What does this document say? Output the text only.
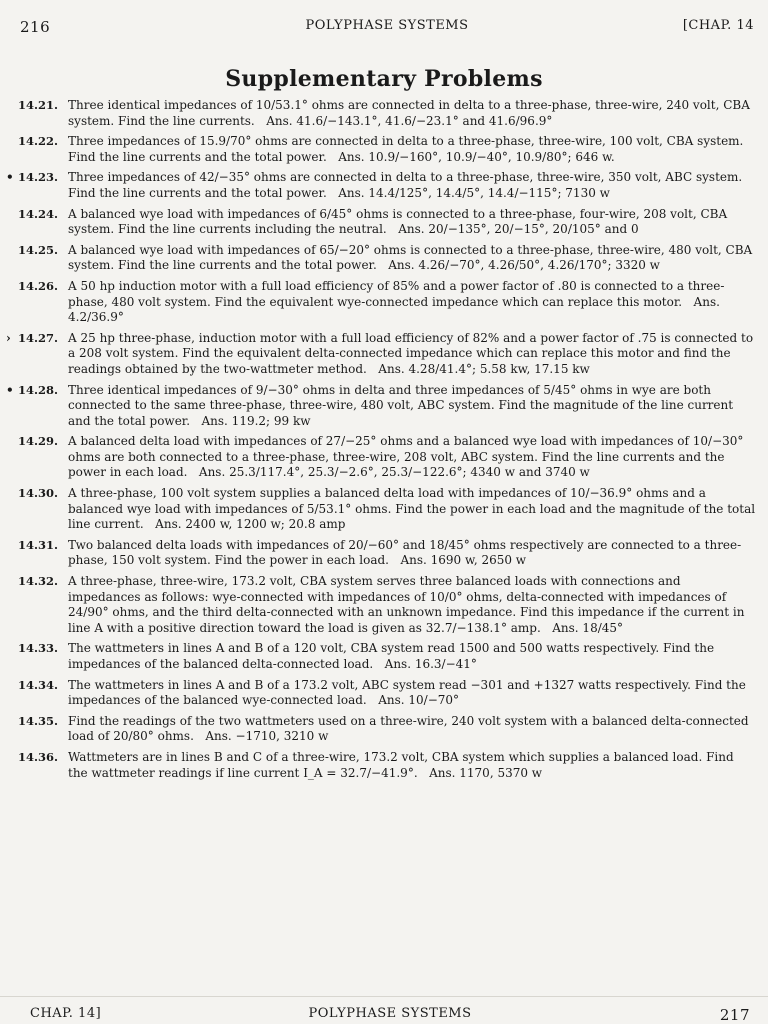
216	POLYPHASE SYSTEMS	[CHAP. 14
Supplementary Problems
14.21. Three identical impedances of 10/53.1° ohms are connected in delta to a three-phase, three-wire, 240 volt, CBA system. Find the line currents. Ans. 41.6/−143.1°, 41.6/−23.1° and 41.6/96.9°
14.22. Three impedances of 15.9/70° ohms are connected in delta to a three-phase, three-wire, 100 volt, CBA system. Find the line currents and the total power. Ans. 10.9/−160°, 10.9/−40°, 10.9/80°; 646 w.
• 14.23. Three impedances of 42/−35° ohms are connected in delta to a three-phase, three-wire, 350 volt, ABC system. Find the line currents and the total power. Ans. 14.4/125°, 14.4/5°, 14.4/−115°; 7130 w
14.24. A balanced wye load with impedances of 6/45° ohms is connected to a three-phase, four-wire, 208 volt, CBA system. Find the line currents including the neutral. Ans. 20/−135°, 20/−15°, 20/105° and 0
14.25. A balanced wye load with impedances of 65/−20° ohms is connected to a three-phase, three-wire, 480 volt, CBA system. Find the line currents and the total power. Ans. 4.26/−70°, 4.26/50°, 4.26/170°; 3320 w
14.26. A 50 hp induction motor with a full load efficiency of 85% and a power factor of .80 is connected to a three-phase, 480 volt system. Find the equivalent wye-connected impedance which can replace this motor. Ans. 4.2/36.9°
› 14.27. A 25 hp three-phase, induction motor with a full load efficiency of 82% and a power factor of .75 is connected to a 208 volt system. Find the equivalent delta-connected impedance which can replace this motor and find the readings obtained by the two-wattmeter method. Ans. 4.28/41.4°; 5.58 kw, 17.15 kw
• 14.28. Three identical impedances of 9/−30° ohms in delta and three impedances of 5/45° ohms in wye are both connected to the same three-phase, three-wire, 480 volt, ABC system. Find the magnitude of the line current and the total power. Ans. 119.2; 99 kw
14.29. A balanced delta load with impedances of 27/−25° ohms and a balanced wye load with impedances of 10/−30° ohms are both connected to a three-phase, three-wire, 208 volt, ABC system. Find the line currents and the power in each load. Ans. 25.3/117.4°, 25.3/−2.6°, 25.3/−122.6°; 4340 w and 3740 w
14.30. A three-phase, 100 volt system supplies a balanced delta load with impedances of 10/−36.9° ohms and a balanced wye load with impedances of 5/53.1° ohms. Find the power in each load and the magnitude of the total line current. Ans. 2400 w, 1200 w; 20.8 amp
14.31. Two balanced delta loads with impedances of 20/−60° and 18/45° ohms respectively are connected to a three-phase, 150 volt system. Find the power in each load. Ans. 1690 w, 2650 w
14.32. A three-phase, three-wire, 173.2 volt, CBA system serves three balanced loads with connections and impedances as follows: wye-connected with impedances of 10/0° ohms, delta-connected with impedances of 24/90° ohms, and the third delta-connected with an unknown impedance. Find this impedance if the current in line A with a positive direction toward the load is given as 32.7/−138.1° amp. Ans. 18/45°
14.33. The wattmeters in lines A and B of a 120 volt, CBA system read 1500 and 500 watts respectively. Find the impedances of the balanced delta-connected load. Ans. 16.3/−41°
14.34. The wattmeters in lines A and B of a 173.2 volt, ABC system read −301 and +1327 watts respectively. Find the impedances of the balanced wye-connected load. Ans. 10/−70°
14.35. Find the readings of the two wattmeters used on a three-wire, 240 volt system with a balanced delta-connected load of 20/80° ohms. Ans. −1710, 3210 w
14.36. Wattmeters are in lines B and C of a three-wire, 173.2 volt, CBA system which supplies a balanced load. Find the wattmeter readings if line current I_A = 32.7/−41.9°. Ans. 1170, 5370 w
CHAP. 14]	POLYPHASE SYSTEMS	217
